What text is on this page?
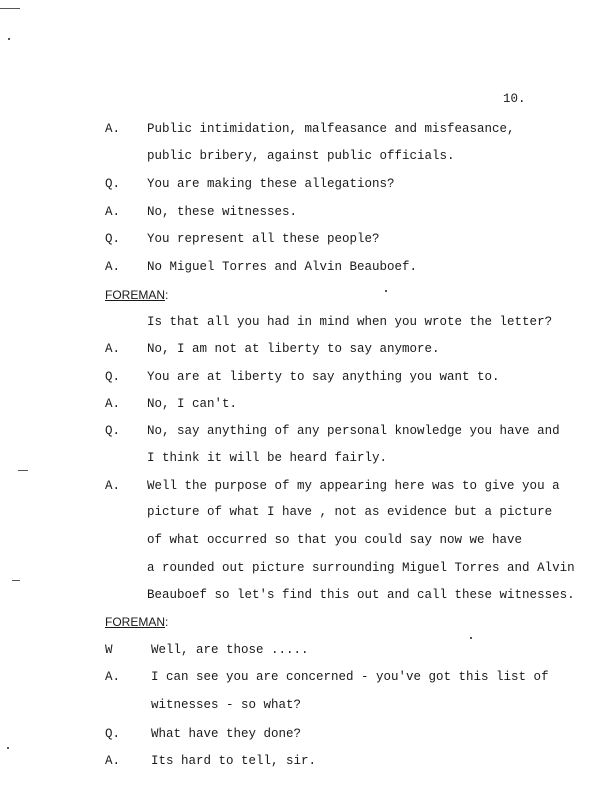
10.
A. Public intimidation, malfeasance and misfeasance,
public bribery, against public officials.
Q. You are making these allegations?
A. No, these witnesses.
Q. You represent all these people?
A. No Miguel Torres and Alvin Beauboef.
FOREMAN:
Is that all you had in mind when you wrote the letter?
A. No, I am not at liberty to say anymore.
Q. You are at liberty to say anything you want to.
A. No, I can't.
Q. No, say anything of any personal knowledge you have and
I think it will be heard fairly.
A. Well the purpose of my appearing here was to give you a
picture of what I have , not as evidence but a picture
of what occurred so that you could say now we have
a rounded out picture surrounding Miguel Torres and Alvin
Beauboef so let's find this out and call these witnesses.
FOREMAN:
W	Well, are those .....
A. I can see you are concerned - you've got this list of
witnesses - so what?
Q. What have they done?
A. Its hard to tell, sir.
